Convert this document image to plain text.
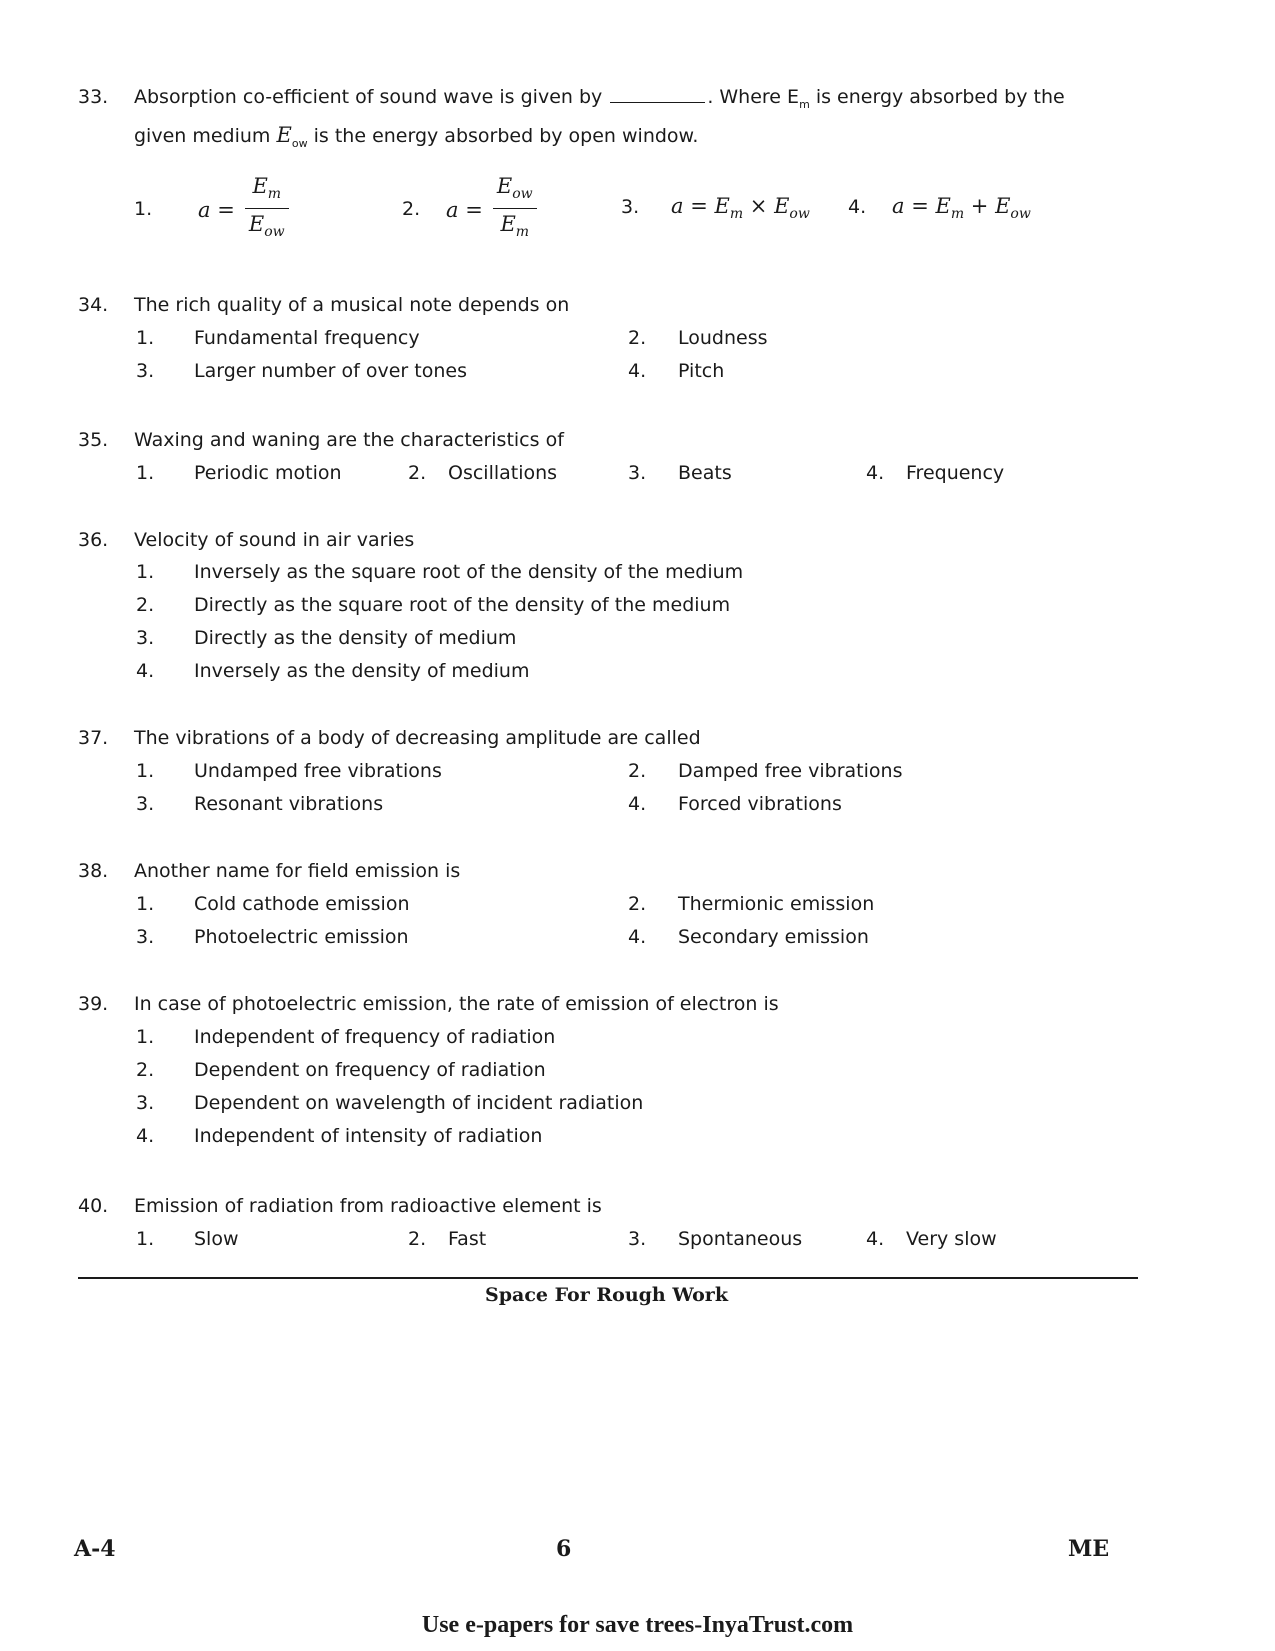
33. Absorption co-efficient of sound wave is given by	. Where $E_m$ is energy absorbed by the
given medium $E_{ow}$ is the energy absorbed by open window.
1. $a = \frac{E_m}{E_{ow}}$	2. $a = \frac{E_{ow}}{E_m}$	3. $a = E_m \times E_{ow}$ 4. $a = E_m + E_{ow}$
34. The rich quality of a musical note depends on
1. Fundamental frequency	2. Loudness
3. Larger number of over tones	4. Pitch
35. Waxing and waning are the characteristics of
1. Periodic motion	2. Oscillations	3. Beats	4. Frequency
36. Velocity of sound in air varies
1. Inversely as the square root of the density of the medium
2. Directly as the square root of the density of the medium
3. Directly as the density of medium
4. Inversely as the density of medium
37. The vibrations of a body of decreasing amplitude are called
1. Undamped free vibrations	2. Damped free vibrations
3. Resonant vibrations	4. Forced vibrations
38. Another name for field emission is
1. Cold cathode emission	2. Thermionic emission
3. Photoelectric emission	4. Secondary emission
39. In case of photoelectric emission, the rate of emission of electron is
1. Independent of frequency of radiation
2. Dependent on frequency of radiation
3. Dependent on wavelength of incident radiation
4. Independent of intensity of radiation
40. Emission of radiation from radioactive element is
1. Slow	2. Fast	3. Spontaneous	4. Very slow
Space For Rough Work
A-4	6	ME
Use e-papers for save trees-InyaTrust.com
